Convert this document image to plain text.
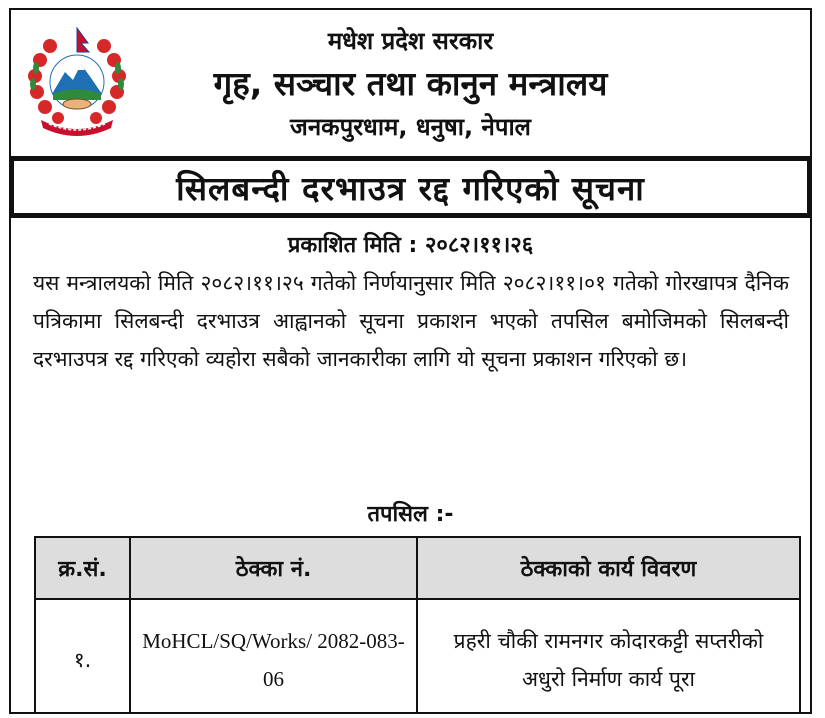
मधेश प्रदेश सरकार
गृह, सञ्चार तथा कानुन मन्त्रालय
जनकपुरधाम, धनुषा, नेपाल
सिलबन्दी दरभाउत्र रद्द गरिएको सूचना
प्रकाशित मिति : २०८२।११।२६
यस मन्त्रालयको मिति २०८२।११।२५ गतेको निर्णयानुसार मिति २०८२।११।०१ गतेको गोरखापत्र दैनिक पत्रिकामा सिलबन्दी दरभाउत्र आह्वानको सूचना प्रकाशन भएको तपसिल बमोजिमको सिलबन्दी दरभाउपत्र रद्द गरिएको व्यहोरा सबैको जानकारीका लागि यो सूचना प्रकाशन गरिएको छ।
तपसिल :-
क्र.सं.	ठेक्का नं.	ठेक्काको कार्य विवरण
१.	MoHCL/SQ/Works/ 2082-083-06	प्रहरी चौकी रामनगर कोदारकट्टी सप्तरीको अधुरो निर्माण कार्य पूरा
